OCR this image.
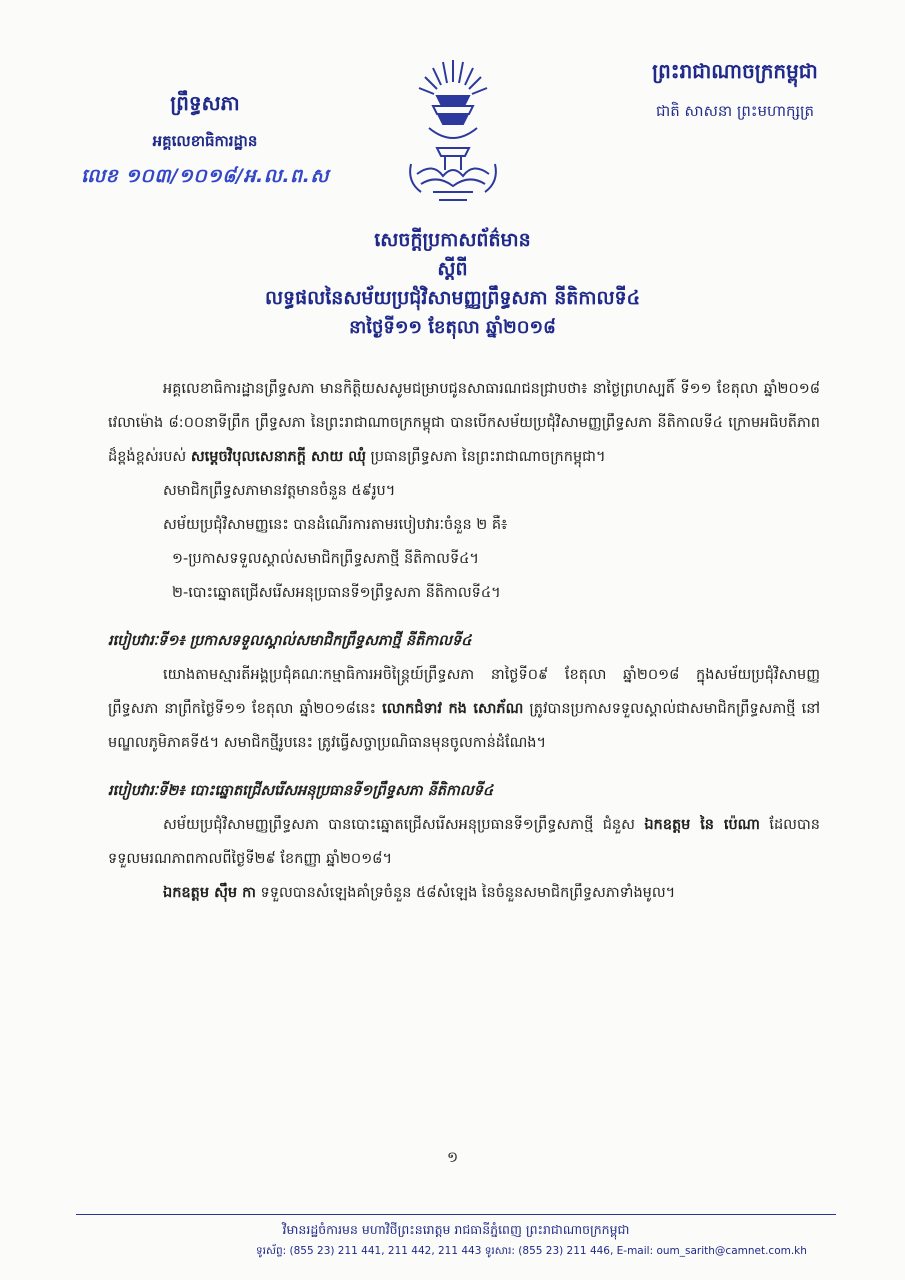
ព្រឹទ្ធសភា
អគ្គលេខាធិការដ្ឋាន
លេខ ១០៣/១០១៨/អ.ល.ព.ស
ព្រះរាជាណាចក្រកម្ពុជា
ជាតិ សាសនា ព្រះមហាក្សត្រ
សេចក្តីប្រកាសព័ត៌មាន
ស្តីពី
លទ្ធផលនៃសម័យប្រជុំវិសាមញ្ញព្រឹទ្ធសភា នីតិកាលទី៤
នាថ្ងៃទី១១ ខែតុលា ឆ្នាំ២០១៨
អគ្គលេខាធិការដ្ឋានព្រឹទ្ធសភា មានកិត្តិយសសូមជម្រាបជូនសាធារណជនជ្រាបថា៖ នាថ្ងៃព្រហស្បតិ៍ ទី១១ ខែតុលា ឆ្នាំ២០១៨ វេលាម៉ោង ៨:០០នាទីព្រឹក ព្រឹទ្ធសភា នៃព្រះរាជាណាចក្រកម្ពុជា បានបើកសម័យប្រជុំវិសាមញ្ញព្រឹទ្ធសភា នីតិកាលទី៤ ក្រោមអធិបតីភាពដ៏ខ្ពង់ខ្ពស់របស់ សម្តេចវិបុលសេនាភក្តី សាយ ឈុំ ប្រធានព្រឹទ្ធសភា នៃព្រះរាជាណាចក្រកម្ពុជា។
សមាជិកព្រឹទ្ធសភាមានវត្តមានចំនួន ៥៩រូប។
សម័យប្រជុំវិសាមញ្ញនេះ បានដំណើរការតាមរបៀបវារៈចំនួន ២ គឺ៖
១-ប្រកាសទទួលស្គាល់សមាជិកព្រឹទ្ធសភាថ្មី នីតិកាលទី៤។
២-បោះឆ្នោតជ្រើសរើសអនុប្រធានទី១ព្រឹទ្ធសភា នីតិកាលទី៤។
របៀបវារៈទី១៖ ប្រកាសទទួលស្គាល់សមាជិកព្រឹទ្ធសភាថ្មី នីតិកាលទី៤
យោងតាមស្មារតីអង្គប្រជុំគណៈកម្មាធិការអចិន្ត្រៃយ៍ព្រឹទ្ធសភា នាថ្ងៃទី០៩ ខែតុលា ឆ្នាំ២០១៨ ក្នុងសម័យប្រជុំវិសាមញ្ញព្រឹទ្ធសភា នាព្រឹកថ្ងៃទី១១ ខែតុលា ឆ្នាំ២០១៨នេះ លោកជំទាវ កង សោភ័ណ ត្រូវបានប្រកាសទទួលស្គាល់ជាសមាជិកព្រឹទ្ធសភាថ្មី នៅមណ្ឌលភូមិភាគទី៥។ សមាជិកថ្មីរូបនេះ ត្រូវធ្វើសច្ចាប្រណិធានមុនចូលកាន់ដំណែង។
របៀបវារៈទី២៖ បោះឆ្នោតជ្រើសរើសអនុប្រធានទី១ព្រឹទ្ធសភា នីតិកាលទី៤
សម័យប្រជុំវិសាមញ្ញព្រឹទ្ធសភា បានបោះឆ្នោតជ្រើសរើសអនុប្រធានទី១ព្រឹទ្ធសភាថ្មី ជំនួស ឯកឧត្តម នៃ ប៉េណា ដែលបានទទួលមរណភាពកាលពីថ្ងៃទី២៩ ខែកញ្ញា ឆ្នាំ២០១៨។
ឯកឧត្តម ស៊ឹម កា ទទួលបានសំឡេងគាំទ្រចំនួន ៥៨សំឡេង នៃចំនួនសមាជិកព្រឹទ្ធសភាទាំងមូល។
១
វិមានរដ្ឋចំការមន មហាវិថីព្រះនរោត្តម រាជធានីភ្នំពេញ ព្រះរាជាណាចក្រកម្ពុជា
ទូរស័ព្ទ: (855 23) 211 441, 211 442, 211 443 ទូរសារ: (855 23) 211 446, E-mail: oum_sarith@camnet.com.kh
